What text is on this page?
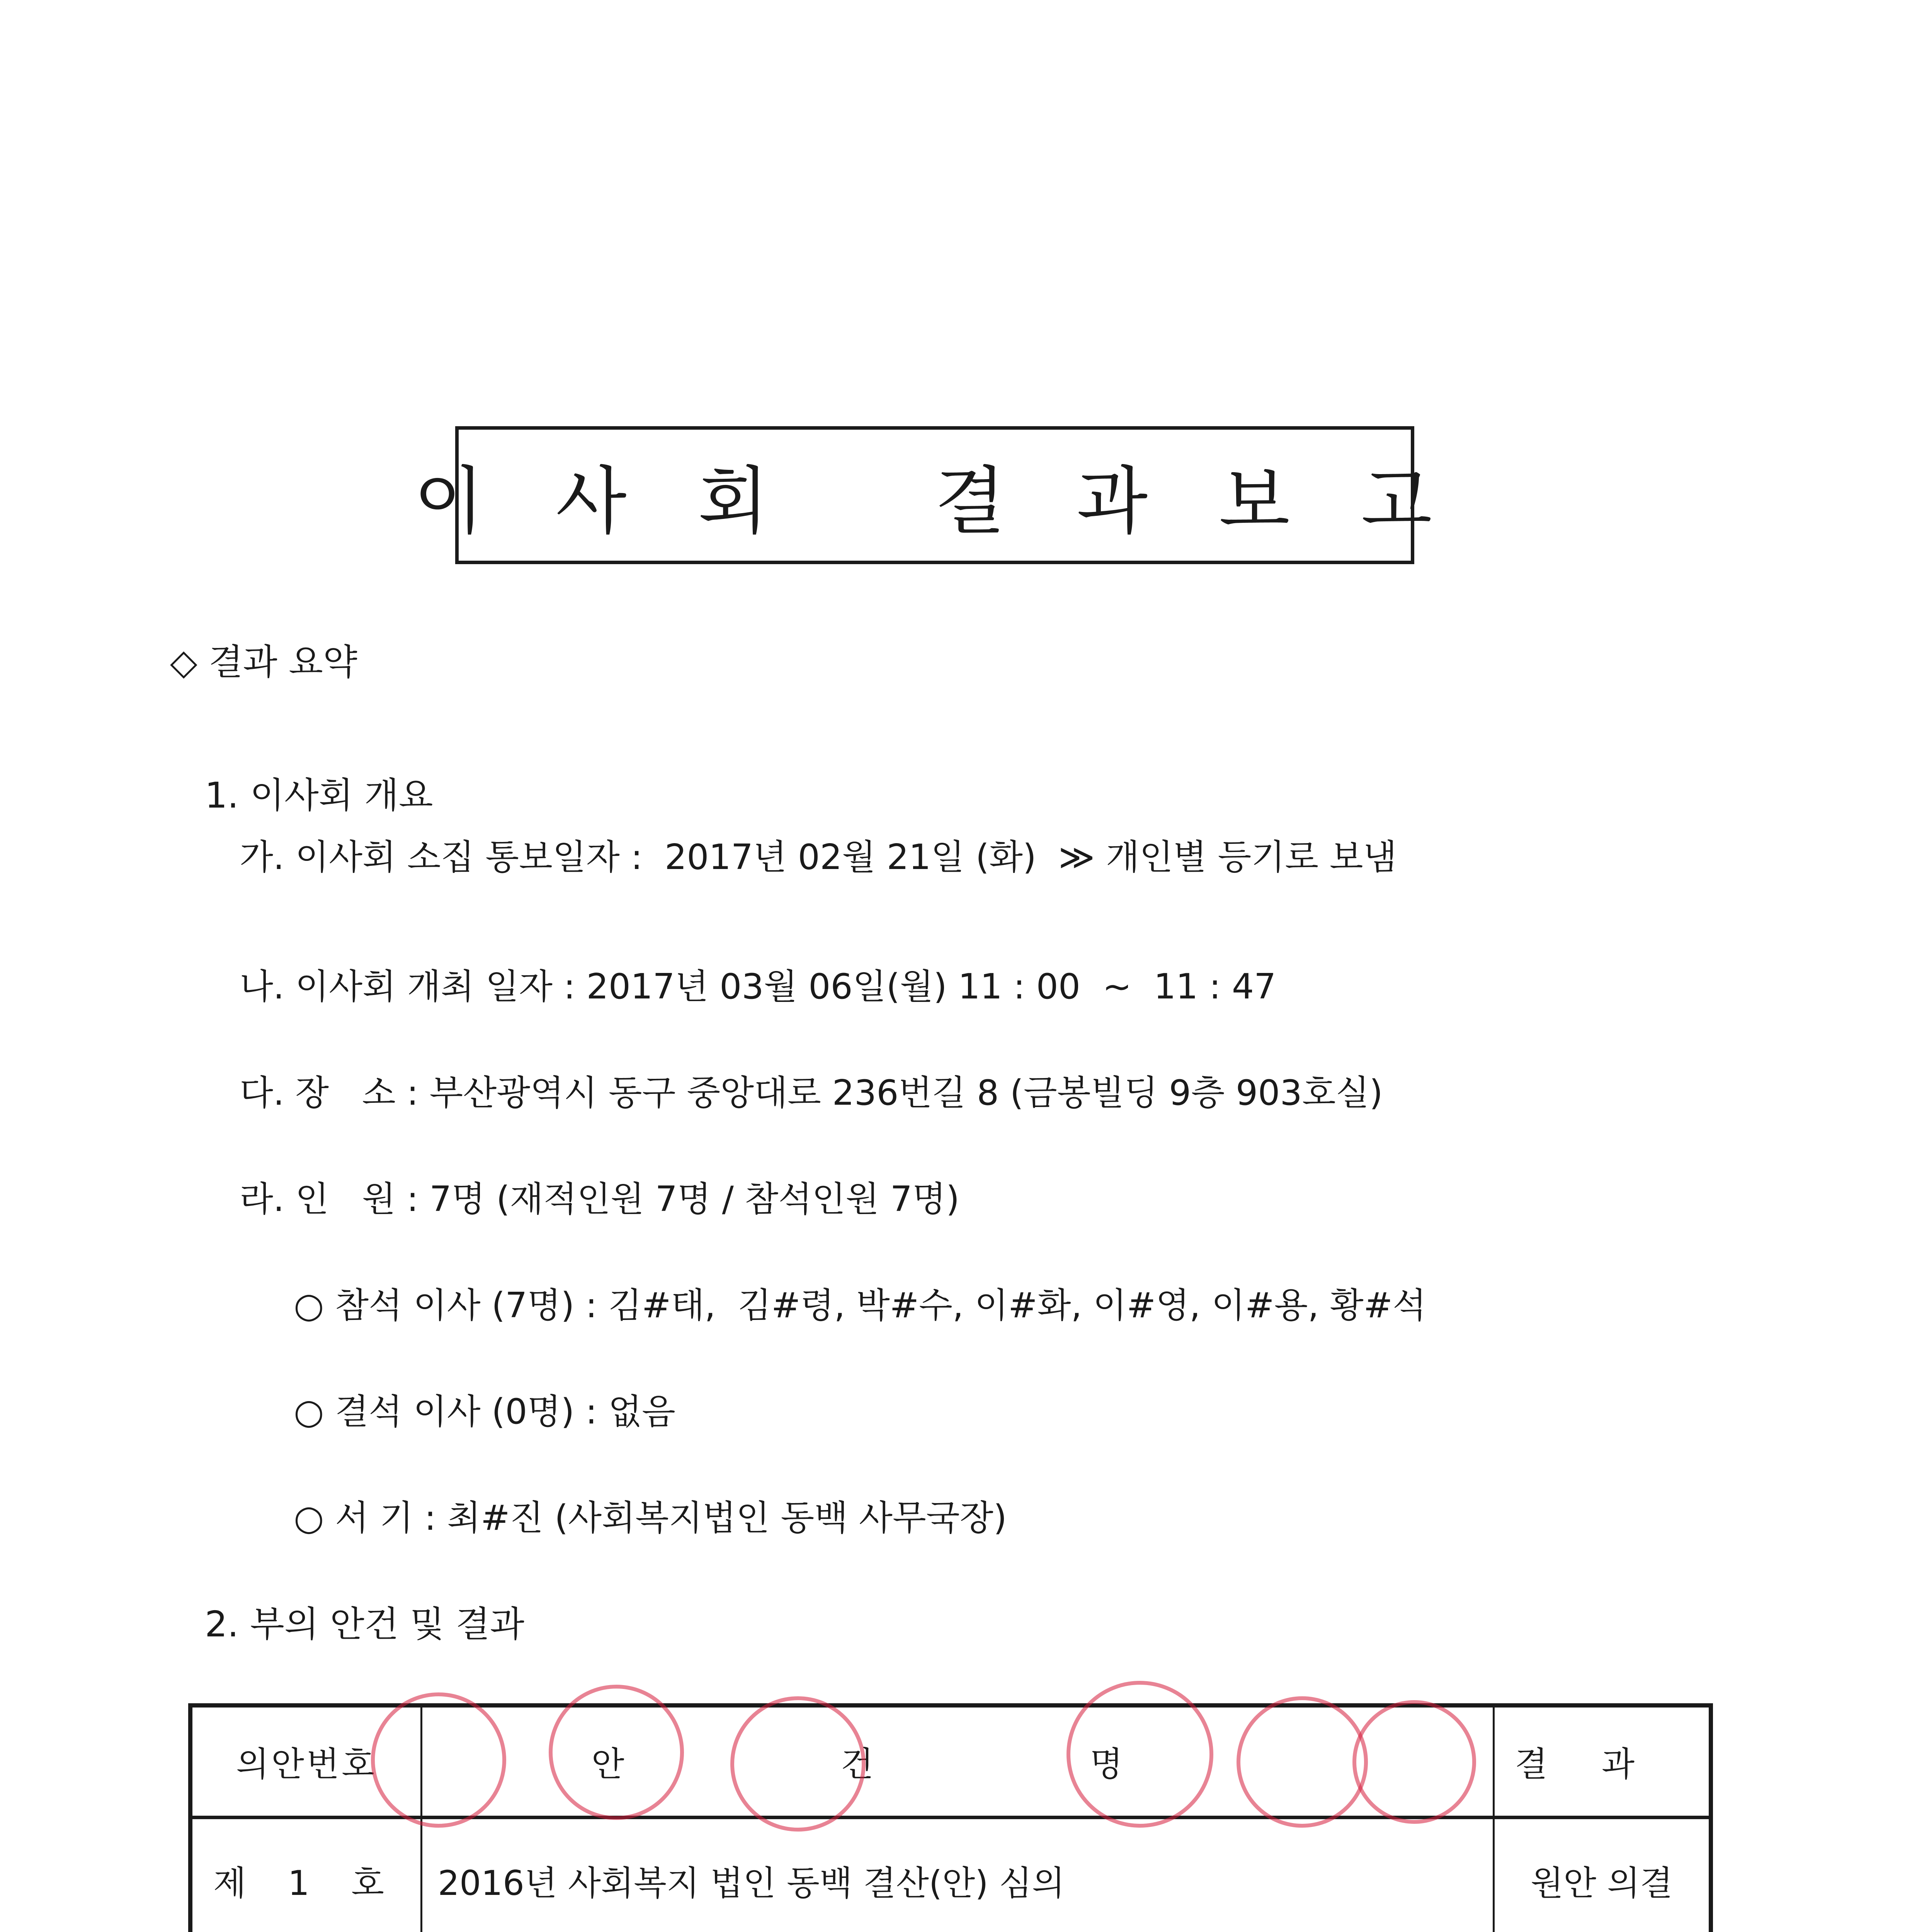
이 사 회   결 과 보 고
◇ 결과 요약
1. 이사회 개요
가. 이사회 소집 통보일자 :  2017년 02월 21일 (화)  ≫ 개인별 등기로 보냄
나. 이사회 개최 일자 : 2017년 03월 06일(월) 11 : 00  ~  11 : 47
다. 장   소 : 부산광역시 동구 중앙대로 236번길 8 (금봉빌딩 9층 903호실)
라. 인   원 : 7명 (재적인원 7명 / 참석인원 7명)
○ 참석 이사 (7명) : 김#태,  김#령, 박#수, 이#화, 이#영, 이#용, 황#석
○ 결석 이사 (0명) : 없음
○ 서 기 : 최#진 (사회복지법인 동백 사무국장)
2. 부의 안건 및 결과
의안번호	안건명	결과
제 1 호	2016년 사회복지 법인 동백 결산(안) 심의	원안 의결
